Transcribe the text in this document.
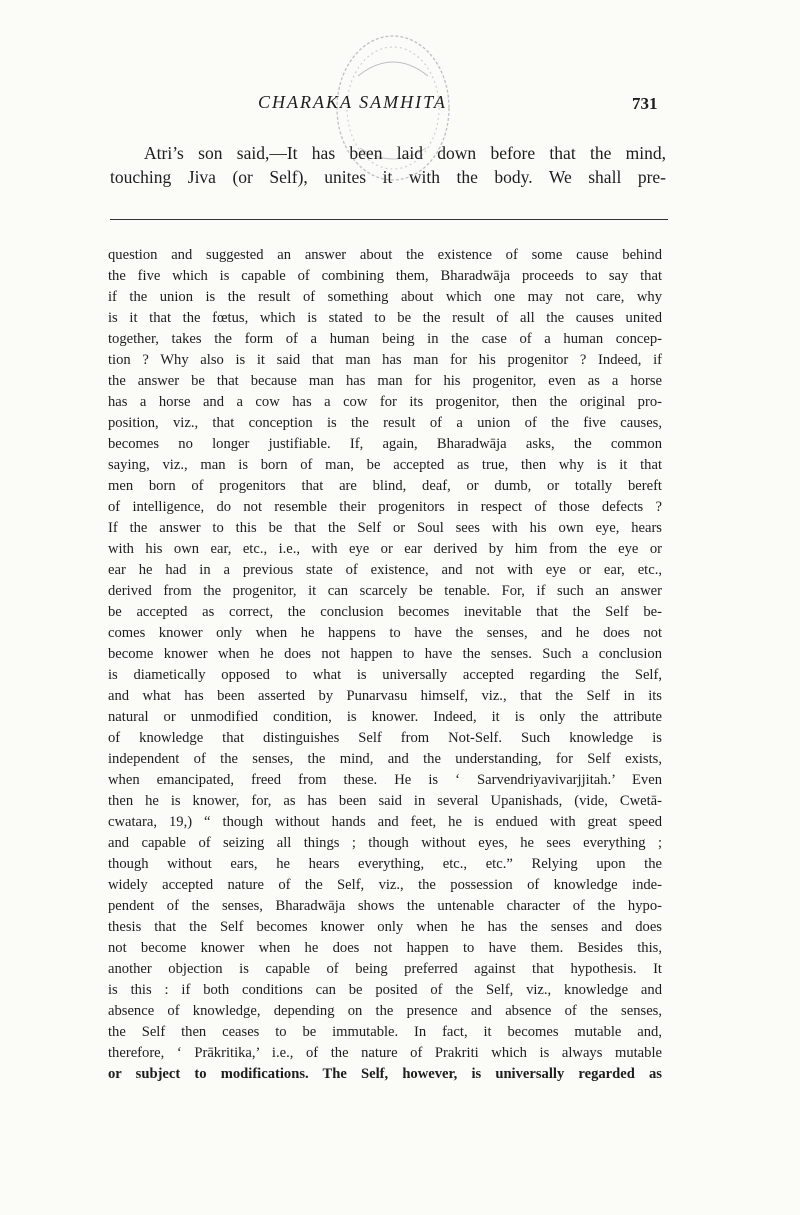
CHARAKA SAMHITA	731
Atri’s son said,—It has been laid down before that the mind,
touching Jiva (or Self), unites it with the body. We shall pre-
question and suggested an answer about the existence of some cause behind
the five which is capable of combining them, Bharadwāja proceeds to say that
if the union is the result of something about which one may not care, why
is it that the fœtus, which is stated to be the result of all the causes united
together, takes the form of a human being in the case of a human concep-
tion ? Why also is it said that man has man for his progenitor ? Indeed, if
the answer be that because man has man for his progenitor, even as a horse
has a horse and a cow has a cow for its progenitor, then the original pro-
position, viz., that conception is the result of a union of the five causes,
becomes no longer justifiable. If, again, Bharadwāja asks, the common
saying, viz., man is born of man, be accepted as true, then why is it that
men born of progenitors that are blind, deaf, or dumb, or totally bereft
of intelligence, do not resemble their progenitors in respect of those defects ?
If the answer to this be that the Self or Soul sees with his own eye, hears
with his own ear, etc., i.e., with eye or ear derived by him from the eye or
ear he had in a previous state of existence, and not with eye or ear, etc.,
derived from the progenitor, it can scarcely be tenable. For, if such an answer
be accepted as correct, the conclusion becomes inevitable that the Self be-
comes knower only when he happens to have the senses, and he does not
become knower when he does not happen to have the senses. Such a conclusion
is diametically opposed to what is universally accepted regarding the Self,
and what has been asserted by Punarvasu himself, viz., that the Self in its
natural or unmodified condition, is knower. Indeed, it is only the attribute
of knowledge that distinguishes Self from Not-Self. Such knowledge is
independent of the senses, the mind, and the understanding, for Self exists,
when emancipated, freed from these. He is ‘ Sarvendriyavivarjjitah.’ Even
then he is knower, for, as has been said in several Upanishads, (vide, Cwetā-
cwatara, 19,) “ though without hands and feet, he is endued with great speed
and capable of seizing all things ; though without eyes, he sees everything ;
though without ears, he hears everything, etc., etc.” Relying upon the
widely accepted nature of the Self, viz., the possession of knowledge inde-
pendent of the senses, Bharadwāja shows the untenable character of the hypo-
thesis that the Self becomes knower only when he has the senses and does
not become knower when he does not happen to have them. Besides this,
another objection is capable of being preferred against that hypothesis. It
is this : if both conditions can be posited of the Self, viz., knowledge and
absence of knowledge, depending on the presence and absence of the senses,
the Self then ceases to be immutable. In fact, it becomes mutable and,
therefore, ‘ Prākritika,’ i.e., of the nature of Prakriti which is always mutable
or subject to modifications. The Self, however, is universally regarded as
